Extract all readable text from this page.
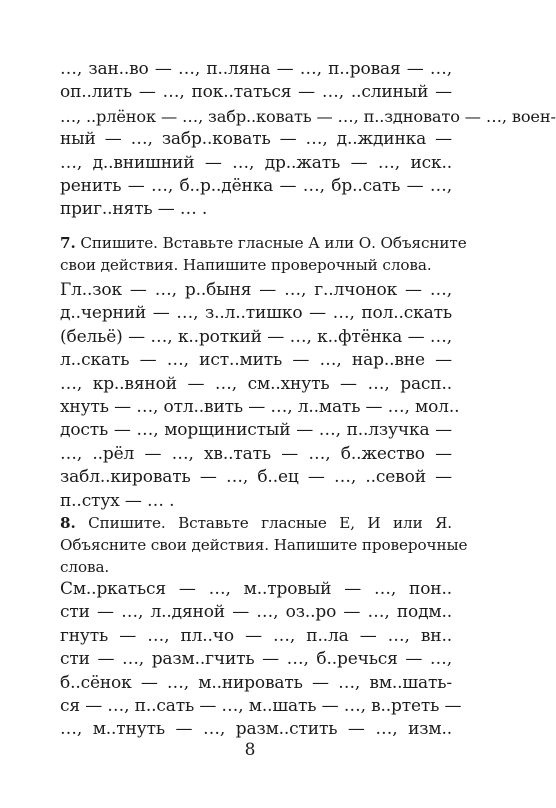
…, зан..во — …, п..ляна — …, п..ровая — …,
оп..лить — …, пок..таться — …, ..слиный —
…, ..рлёнок — …, забр..ковать — …, п..здновато — …, воен-
ный — …, забр..ковать — …, д..ждинка —
…, д..внишний — …, др..жать — …, иск..
ренить — …, б..р..дёнка — …, бр..сать — …,
приг..нять — … .

7. Спишите. Вставьте гласные А или О. Объясните
свои действия. Напишите проверочный слова.

Гл..зок — …, р..быня — …, г..лчонок — …,
д..черний — …, з..л..тишко — …, пол..скать
(бельё) — …, к..роткий — …, к..фтёнка — …,
л..скать — …, ист..мить — …, нар..вне —
…, кр..вяной — …, см..хнуть — …, расп..
хнуть — …, отл..вить — …, л..мать — …, мол..
дость — …, морщинистый — …, п..лзучка —
…, ..рёл — …, хв..тать — …, б..жество —
забл..кировать — …, б..ец — …, ..севой —
п..стух — … .

8. Спишите. Вставьте гласные Е, И или Я.
Объясните свои действия. Напишите проверочные
слова.

См..ркаться — …, м..тровый — …, пон..
сти — …, л..дяной — …, оз..ро — …, подм..
гнуть — …, пл..чо — …, п..ла — …, вн..
сти — …, разм..гчить — …, б..речься — …,
б..сёнок — …, м..нировать — …, вм..шать-
ся — …, п..сать — …, м..шать — …, в..ртеть —
…, м..тнуть — …, разм..стить — …, изм..

8
